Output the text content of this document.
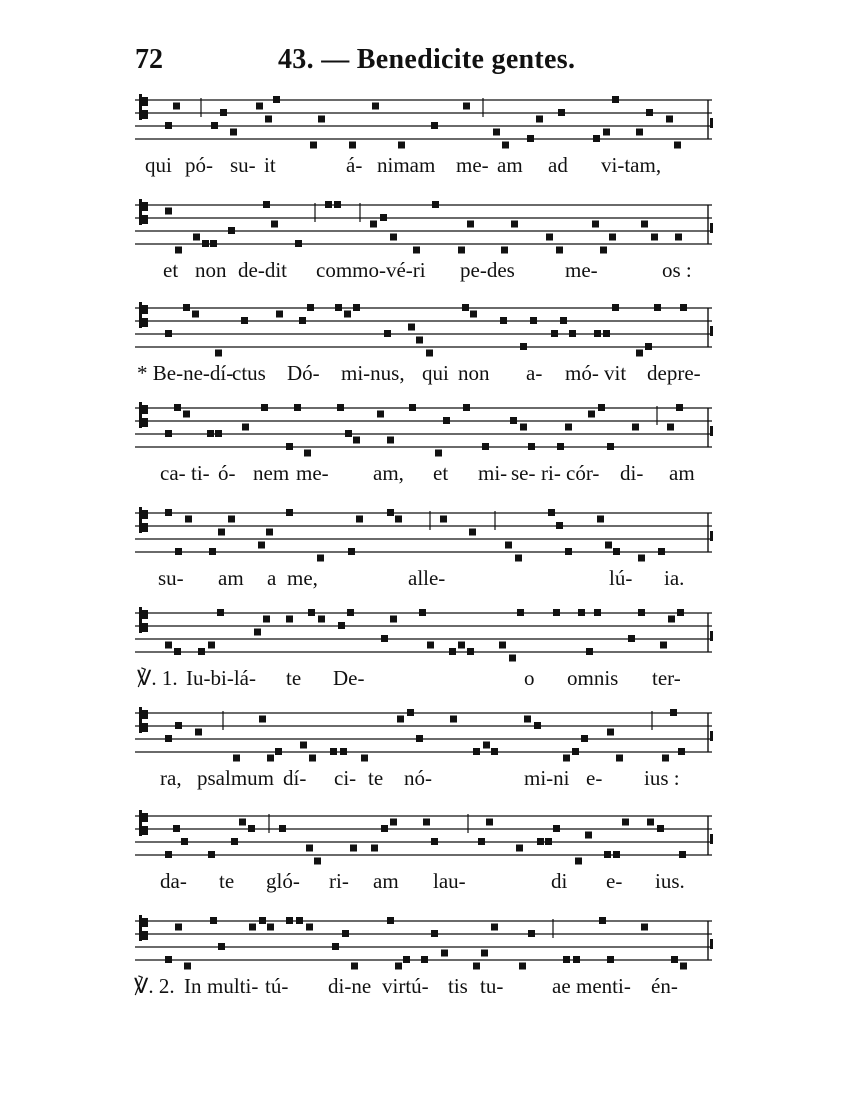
72	43. — Benedicite gentes.
qui pó- su- it	á- nimam me- am ad vi-tam,
et non de-dit commo-vé-ri pe-des me-	os :
* Be-ne-dí-
ctus Dó- mi-nus, qui non a- mó- vit depre-
ca- ti- ó- nem me- am, et mi- se- ri- cór- di- am
su- am a me,	alle-	lú- ia.
℣. 1. Iu-bi-lá- te De-	o omnis ter-
ra, psalmum dí- ci- te nó-	mi-ni e- ius :
da- te gló- ri- am lau-	di e- ius.
℣. 2. In multi- tú- di-ne virtú- tis tu- ae menti- én-
